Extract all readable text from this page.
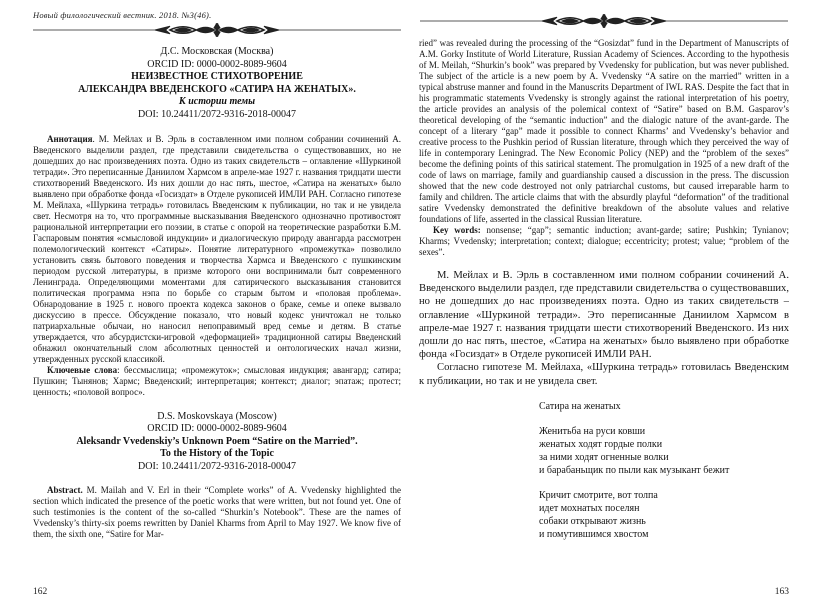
Новый филологический вестник. 2018. №3(46).
Д.С. Московская (Москва)
ORCID ID: 0000-0002-8089-9604
НЕИЗВЕСТНОЕ СТИХОТВОРЕНИЕ
АЛЕКСАНДРА ВВЕДЕНСКОГО «САТИРА НА ЖЕНАТЫХ».
К истории темы
DOI: 10.24411/2072-9316-2018-00047

Аннотация. М. Мейлах и В. Эрль в составленном ими полном собрании сочинений А. Введенского выделили раздел, где представили свидетельства о существовавших, но не дошедших до нас произведениях поэта. Одно из таких свидетельств – оглавление «Шуркиной тетради». Это переписанные Даниилом Хармсом в апреле-мае 1927 г. названия тридцати шести стихотворений Введенского. Из них дошли до нас пять, шестое, «Сатира на женатых» было выявлено при обработке фонда «Госиздат» в Отделе рукописей ИМЛИ РАН. Согласно гипотезе М. Мейлаха, «Шуркина тетрадь» готовилась Введенским к публикации, но так и не увидела свет. Несмотря на то, что программные высказывания Введенского однозначно противостоят рациональной интерпретации его поэзии, в статье с опорой на теоретические разработки Б.М. Гаспаровым понятия «смысловой индукции» и диалогическую природу авангарда рассмотрен полемологический контекст «Сатиры». Понятие литературного «промежутка» позволило установить связь бытового поведения и творчества Хармса и Введенского с пушкинским периодом русской литературы, в призме которого они воспринимали быт современного Ленинграда. Определяющими моментами для сатирического высказывания становится политическая программа нэпа по борьбе со старым бытом и «половая проблема». Обнародование в 1925 г. нового проекта кодекса законов о браке, семье и опеке вызвало дискуссию в прессе. Обсуждение показало, что новый кодекс уничтожал не только патриархальные обычаи, но наносил непоправимый вред семье и детям. В статье утверждается, что абсурдистски-игровой «деформацией» традиционной сатиры Введенский обнажил окончательный слом абсолютных ценностей и онтологических начал жизни, утвержденных русской классикой.

Ключевые слова: бессмыслица; «промежуток»; смысловая индукция; авангард; сатира; Пушкин; Тынянов; Хармс; Введенский; интерпретация; контекст; диалог; эпатаж; протест; ценность; «половой вопрос».

D.S. Moskovskaya (Moscow)
ORCID ID: 0000-0002-8089-9604
Aleksandr Vvedenskiy’s Unknown Poem “Satire on the Married”.
To the History of the Topic
DOI: 10.24411/2072-9316-2018-00047

Abstract. M. Mailah and V. Erl in their “Complete works” of A. Vvedensky highlighted the section which indicated the presence of the poetic works that were written, but not found yet. One of such testimonies is the content of the so-called “Shurkin’s Notebook”. These are the names of Vvedensky’s thirty-six poems rewritten by Daniel Kharms from April to May 1927. We know five of them, the sixth one, “Satire for Mar-

162

ried” was revealed during the processing of the “Gosizdat” fund in the Department of Manuscripts of A.M. Gorky Institute of World Literature, Russian Academy of Sciences. According to the hypothesis of M. Meilah, “Shurkin’s book” was prepared by Vvedensky for publication, but was never published. The subject of the article is a new poem by A. Vvedensky “A satire on the married” written in a typical abstruse manner and found in the Manuscrits Department of IWL RAS. Despite the fact that in his programmatic statements Vvedensky is strongly against the rational interpretation of his poetry, the article provides an analysis of the polemical context of “Satire” based on B.M. Gasparov’s theoretical developing of the “semantic induction” and the dialogic nature of the avant-garde. The concept of a literary “gap” made it possible to connect Kharms’ and Vvedensky’s behavior and creative process to the Pushkin period of Russian literature, through which they perceived the way of life in contemporary Leningrad. The New Economic Policy (NEP) and the “problem of the sexes” become the defining points of this satirical statement. The promulgation in 1925 of a new draft of the code of laws on marriage, family and guardianship caused a discussion in the press. The discussion showed that the new code destroyed not only patriarchal customs, but caused irreparable harm to family and children. The article claims that with the absurdly playful “deformation” of the traditional satire Vvedensky demonstrated the definitive breakdown of the absolute values and relative foundations of life, asserted in the classical Russian literature.

Key words: nonsense; “gap”; semantic induction; avant-garde; satire; Pushkin; Tynianov; Kharms; Vvedensky; interpretation; context; dialogue; eccentricity; protest; value; “problem of the sexes”.

М. Мейлах и В. Эрль в составленном ими полном собрании сочинений А. Введенского выделили раздел, где представили свидетельства о существовавших, но не дошедших до нас произведениях поэта. Одно из таких свидетельств – оглавление «Шуркиной тетради». Это переписанные Даниилом Хармсом в апреле-мае 1927 г. названия тридцати шести стихотворений Введенского. Из них дошли до нас пять, шестое, «Сатира на женатых» было выявлено при обработке фонда «Госиздат» в Отделе рукописей ИМЛИ РАН.

Согласно гипотезе М. Мейлаха, «Шуркина тетрадь» готовилась Введенским к публикации, но так и не увидела свет.

Сатира на женатых
Женитьба на руси ковши
женатых ходят гордые полки
за ними ходят огненные волки
и барабаньщик по пыли как музыкант бежит
Кричит смотрите, вот толпа
идет мохнатых поселян
собаки открывают жизнь
и помутившимся хвостом
163
